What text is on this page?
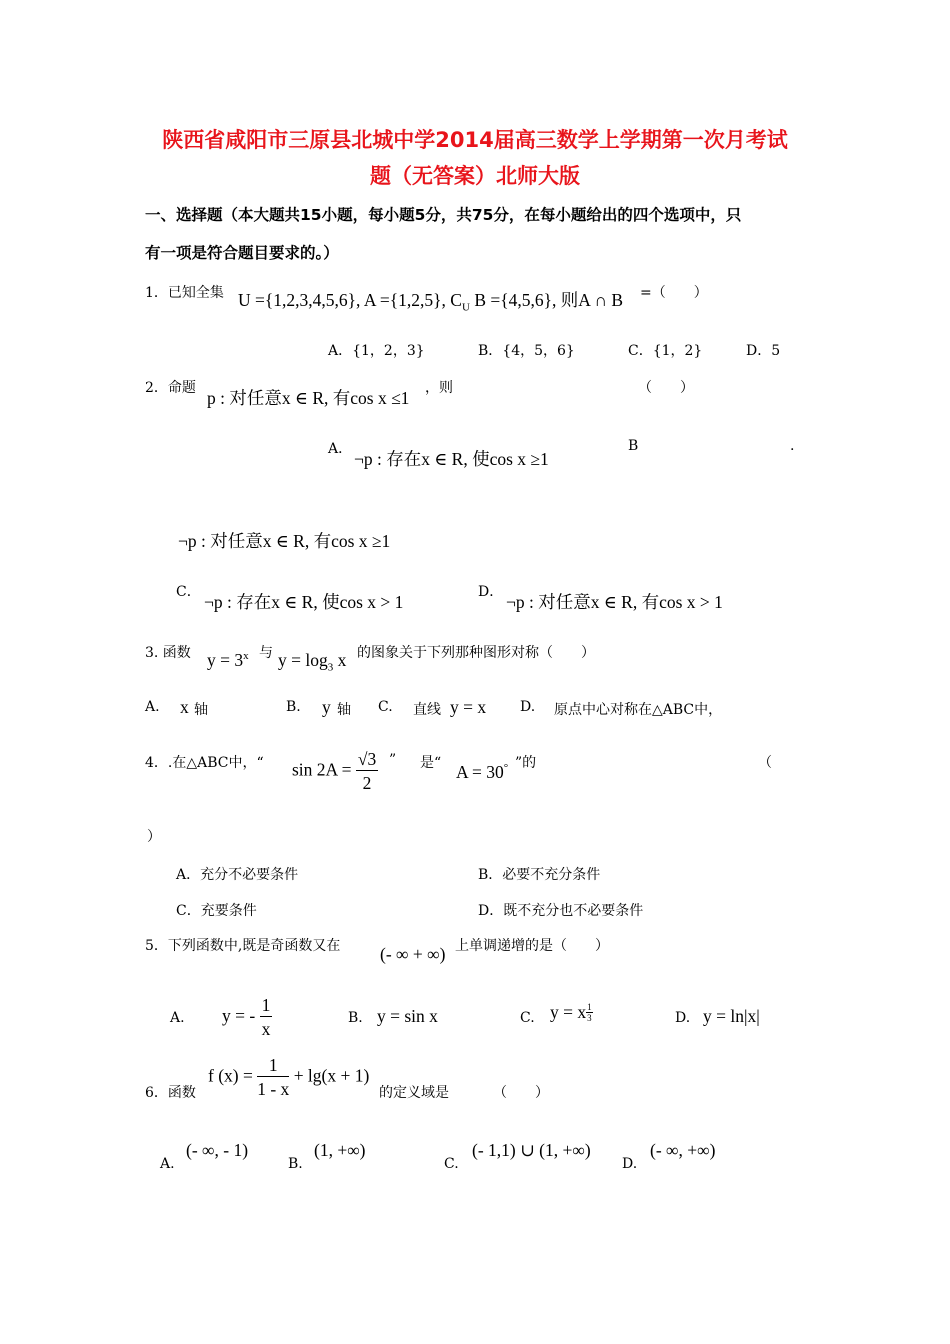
陕西省咸阳市三原县北城中学2014届高三数学上学期第一次月考试
题（无答案）北师大版
一、选择题（本大题共15小题，每小题5分，共75分，在每小题给出的四个选项中，只
有一项是符合题目要求的。）
1．已知全集 U ={1,2,3,4,5,6}, A ={1,2,5}, $C_U$ B ={4,5,6}, 则A ∩ B =（　　）
A．{1，2，3}	B．{4，5，6}	C．{1，2}	D．5
2．命题 p : 对任意x ∈ R, 有cos x ≤1 ，则	（　　）
A． ¬p : 存在x ∈ R, 使cos x ≥1
B	.
¬p : 对任意x ∈ R, 有cos x ≥1
C． ¬p : 存在x ∈ R, 使cos x > 1	D． ¬p : 对任意x ∈ R, 有cos x > 1
3. 函数 $y = 3^x$ 与 $y = \log_3 x$ 的图象关于下列那种图形对称（　　）
A. x 轴	B. y 轴 C. 直线 y = x D. 原点中心对称在△ABC中，
4．.在△ABC中，“ $\sin 2A = \frac{√3}{2}$ ” 是“ A = 30° ”的	（
）
A．充分不必要条件	B．必要不充分条件
C．充要条件	D．既不充分也不必要条件
5．下列函数中,既是奇函数又在 (- ∞ + ∞) 上单调递增的是（　　）
A. y = - $\frac{1}{x}$	B. y = sin x	C. y = x $\frac{1}{3}$	D. y = ln|x|
6．函数
f $(x) = \frac{1}{1 - x} + \lg(x + 1)$
的定义域是	（　　）
A.
(- ∞, - 1)
B.
(1, +∞)
C.
(- 1,1) ∪ (1, +∞)
D.
(- ∞, +∞)
